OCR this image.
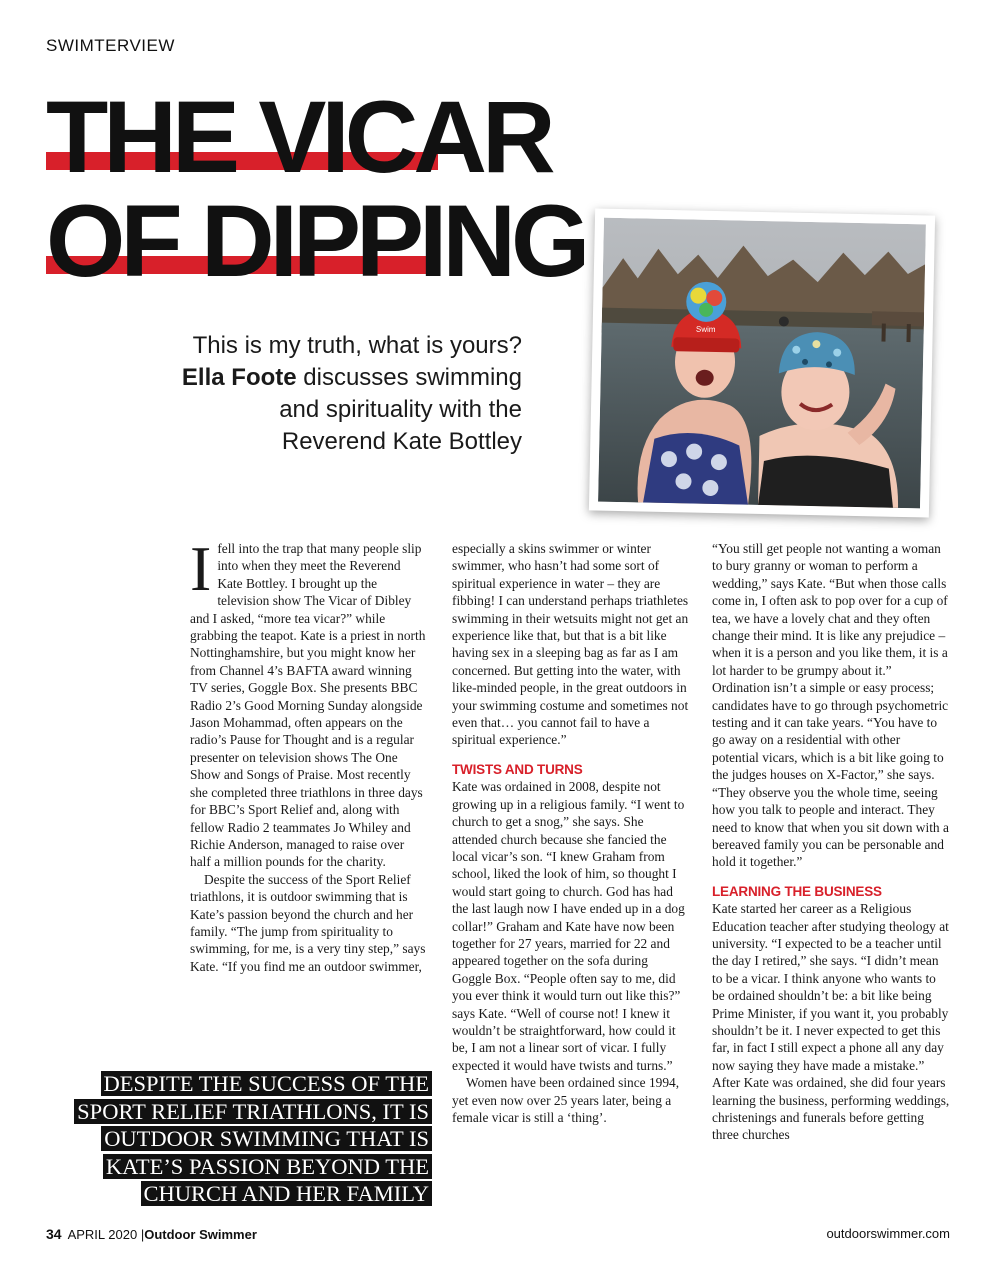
SWIMTERVIEW
THE VICAR
OF DIPPING
This is my truth, what is yours?
Ella Foote discusses swimming
and spirituality with the
Reverend Kate Bottley
Swim

Ifell into the trap that many people slip into when they meet the Reverend Kate Bottley. I brought up the television show The Vicar of Dibley and I asked, “more tea vicar?” while grabbing the teapot. Kate is a priest in north Nottinghamshire, but you might know her from Channel 4’s BAFTA award winning TV series, Goggle Box. She presents BBC Radio 2’s Good Morning Sunday alongside Jason Mohammad, often appears on the radio’s Pause for Thought and is a regular presenter on television shows The One Show and Songs of Praise. Most recently she completed three triathlons in three days for BBC’s Sport Relief and, along with fellow Radio 2 teammates Jo Whiley and Richie Anderson, managed to raise over half a million pounds for the charity.

Despite the success of the Sport Relief triathlons, it is outdoor swimming that is Kate’s passion beyond the church and her family. “The jump from spirituality to swimming, for me, is a very tiny step,” says Kate. “If you find me an outdoor swimmer,

especially a skins swimmer or winter swimmer, who hasn’t had some sort of spiritual experience in water – they are fibbing! I can understand perhaps triathletes swimming in their wetsuits might not get an experience like that, but that is a bit like having sex in a sleeping bag as far as I am concerned. But getting into the water, with like-minded people, in the great outdoors in your swimming costume and sometimes not even that… you cannot fail to have a spiritual experience.”

TWISTS AND TURNS

Kate was ordained in 2008, despite not growing up in a religious family. “I went to church to get a snog,” she says. She attended church because she fancied the local vicar’s son. “I knew Graham from school, liked the look of him, so thought I would start going to church. God has had the last laugh now I have ended up in a dog collar!” Graham and Kate have now been together for 27 years, married for 22 and appeared together on the sofa during Goggle Box. “People often say to me, did you ever think it would turn out like this?” says Kate. “Well of course not! I knew it wouldn’t be straightforward, how could it be, I am not a linear sort of vicar. I fully expected it would have twists and turns.”

Women have been ordained since 1994, yet even now over 25 years later, being a female vicar is still a ‘thing’.

“You still get people not wanting a woman to bury granny or woman to perform a wedding,” says Kate. “But when those calls come in, I often ask to pop over for a cup of tea, we have a lovely chat and they often change their mind. It is like any prejudice –when it is a person and you like them, it is a lot harder to be grumpy about it.” Ordination isn’t a simple or easy process; candidates have to go through psychometric testing and it can take years. “You have to go away on a residential with other potential vicars, which is a bit like going to the judges houses on X-Factor,” she says. “They observe you the whole time, seeing how you talk to people and interact. They need to know that when you sit down with a bereaved family you can be personable and hold it together.”

LEARNING THE BUSINESS

Kate started her career as a Religious Education teacher after studying theology at university. “I expected to be a teacher until the day I retired,” she says. “I didn’t mean to be a vicar. I think anyone who wants to be ordained shouldn’t be: a bit like being Prime Minister, if you want it, you probably shouldn’t be it. I never expected to get this far, in fact I still expect a phone all any day now saying they have made a mistake.” After Kate was ordained, she did four years learning the business, performing weddings, christenings and funerals before getting three churches

DESPITE THE SUCCESS OF THE SPORT RELIEF TRIATHLONS, IT IS OUTDOOR SWIMMING THAT IS KATE’S PASSION BEYOND THE CHURCH AND HER FAMILY
34 APRIL 2020 |Outdoor Swimmer	outdoorswimmer.com
